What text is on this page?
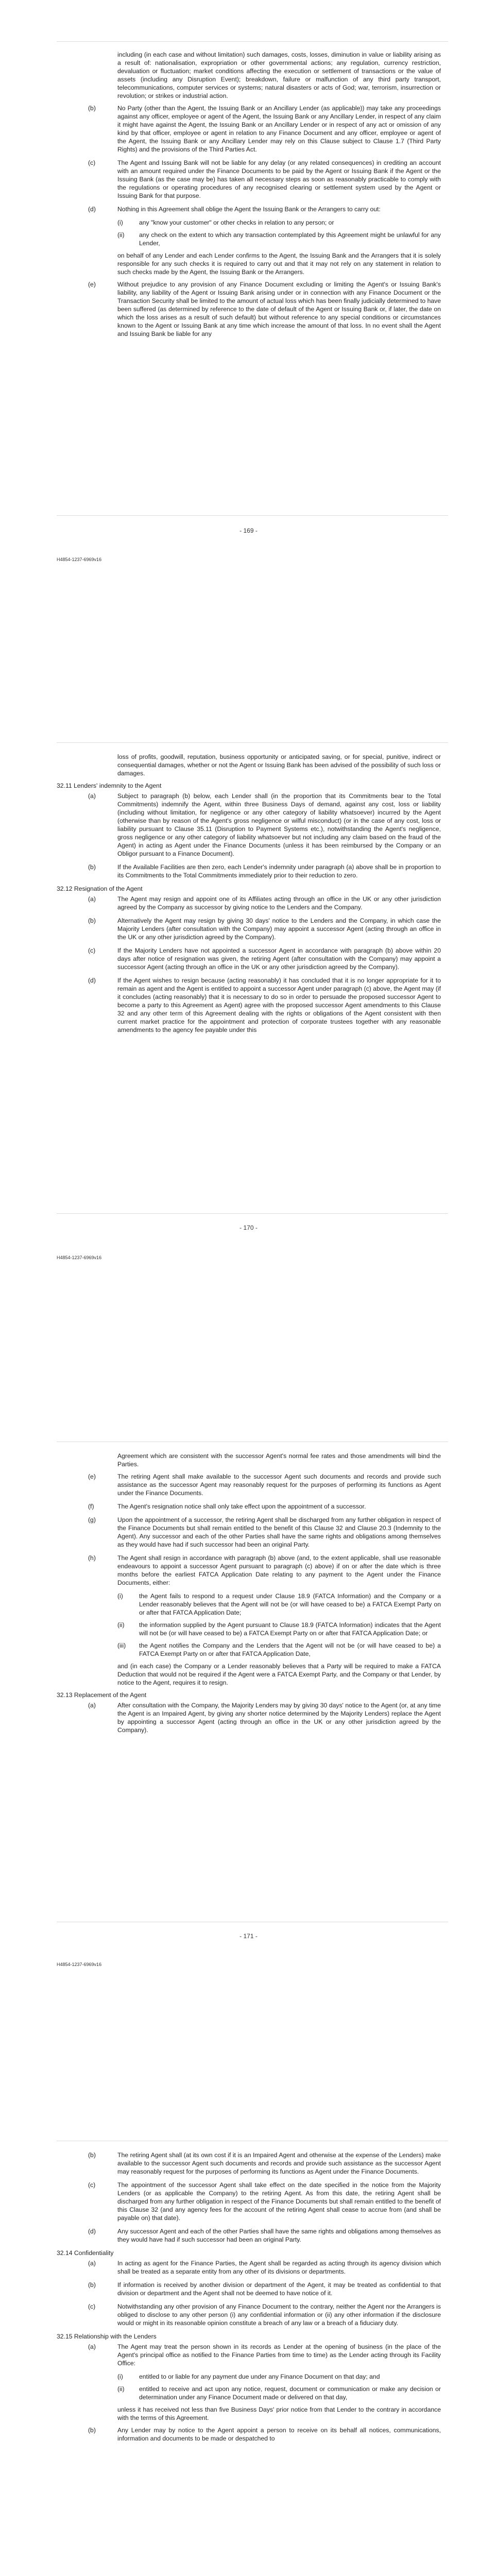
including (in each case and without limitation) such damages, costs, losses, diminution in value or liability arising as a result of: nationalisation, expropriation or other governmental actions; any regulation, currency restriction, devaluation or fluctuation; market conditions affecting the execution or settlement of transactions or the value of assets (including any Disruption Event); breakdown, failure or malfunction of any third party transport, telecommunications, computer services or systems; natural disasters or acts of God; war, terrorism, insurrection or revolution; or strikes or industrial action.

(b)	No Party (other than the Agent, the Issuing Bank or an Ancillary Lender (as applicable)) may take any proceedings against any officer, employee or agent of the Agent, the Issuing Bank or any Ancillary Lender, in respect of any claim it might have against the Agent, the Issuing Bank or an Ancillary Lender or in respect of any act or omission of any kind by that officer, employee or agent in relation to any Finance Document and any officer, employee or agent of the Agent, the Issuing Bank or any Ancillary Lender may rely on this Clause subject to Clause 1.7 (Third Party Rights) and the provisions of the Third Parties Act.
(c)	The Agent and Issuing Bank will not be liable for any delay (or any related consequences) in crediting an account with an amount required under the Finance Documents to be paid by the Agent or Issuing Bank if the Agent or the Issuing Bank (as the case may be) has taken all necessary steps as soon as reasonably practicable to comply with the regulations or operating procedures of any recognised clearing or settlement system used by the Agent or Issuing Bank for that purpose.
(d)	Nothing in this Agreement shall oblige the Agent the Issuing Bank or the Arrangers to carry out:
(i)	any "know your customer" or other checks in relation to any person; or
(ii) any check on the extent to which any transaction contemplated by this Agreement might be unlawful for any Lender,

on behalf of any Lender and each Lender confirms to the Agent, the Issuing Bank and the Arrangers that it is solely responsible for any such checks it is required to carry out and that it may not rely on any statement in relation to such checks made by the Agent, the Issuing Bank or the Arrangers.

(e)	Without prejudice to any provision of any Finance Document excluding or limiting the Agent's or Issuing Bank's liability, any liability of the Agent or Issuing Bank arising under or in connection with any Finance Document or the Transaction Security shall be limited to the amount of actual loss which has been finally judicially determined to have been suffered (as determined by reference to the date of default of the Agent or Issuing Bank or, if later, the date on which the loss arises as a result of such default) but without reference to any special conditions or circumstances known to the Agent or Issuing Bank at any time which increase the amount of that loss. In no event shall the Agent and Issuing Bank be liable for any
- 169 -
H4854-1237-6969v16

loss of profits, goodwill, reputation, business opportunity or anticipated saving, or for special, punitive, indirect or consequential damages, whether or not the Agent or Issuing Bank has been advised of the possibility of such loss or damages.

32.11 Lenders' indemnity to the Agent
(a)	Subject to paragraph (b) below, each Lender shall (in the proportion that its Commitments bear to the Total Commitments) indemnify the Agent, within three Business Days of demand, against any cost, loss or liability (including without limitation, for negligence or any other category of liability whatsoever) incurred by the Agent (otherwise than by reason of the Agent's gross negligence or wilful misconduct) (or in the case of any cost, loss or liability pursuant to Clause 35.11 (Disruption to Payment Systems etc.), notwithstanding the Agent's negligence, gross negligence or any other category of liability whatsoever but not including any claim based on the fraud of the Agent) in acting as Agent under the Finance Documents (unless it has been reimbursed by the Company or an Obligor pursuant to a Finance Document).
(b)	If the Available Facilities are then zero, each Lender's indemnity under paragraph (a) above shall be in proportion to its Commitments to the Total Commitments immediately prior to their reduction to zero.
32.12 Resignation of the Agent
(a)	The Agent may resign and appoint one of its Affiliates acting through an office in the UK or any other jurisdiction agreed by the Company as successor by giving notice to the Lenders and the Company.
(b)	Alternatively the Agent may resign by giving 30 days' notice to the Lenders and the Company, in which case the Majority Lenders (after consultation with the Company) may appoint a successor Agent (acting through an office in the UK or any other jurisdiction agreed by the Company).
(c)	If the Majority Lenders have not appointed a successor Agent in accordance with paragraph (b) above within 20 days after notice of resignation was given, the retiring Agent (after consultation with the Company) may appoint a successor Agent (acting through an office in the UK or any other jurisdiction agreed by the Company).
(d)	If the Agent wishes to resign because (acting reasonably) it has concluded that it is no longer appropriate for it to remain as agent and the Agent is entitled to appoint a successor Agent under paragraph (c) above, the Agent may (if it concludes (acting reasonably) that it is necessary to do so in order to persuade the proposed successor Agent to become a party to this Agreement as Agent) agree with the proposed successor Agent amendments to this Clause 32 and any other term of this Agreement dealing with the rights or obligations of the Agent consistent with then current market practice for the appointment and protection of corporate trustees together with any reasonable amendments to the agency fee payable under this
- 170 -
H4854-1237-6969v16

Agreement which are consistent with the successor Agent's normal fee rates and those amendments will bind the Parties.

(e)	The retiring Agent shall make available to the successor Agent such documents and records and provide such assistance as the successor Agent may reasonably request for the purposes of performing its functions as Agent under the Finance Documents.
(f)	The Agent's resignation notice shall only take effect upon the appointment of a successor.
(g)	Upon the appointment of a successor, the retiring Agent shall be discharged from any further obligation in respect of the Finance Documents but shall remain entitled to the benefit of this Clause 32 and Clause 20.3 (Indemnity to the Agent). Any successor and each of the other Parties shall have the same rights and obligations among themselves as they would have had if such successor had been an original Party.
(h)	The Agent shall resign in accordance with paragraph (b) above (and, to the extent applicable, shall use reasonable endeavours to appoint a successor Agent pursuant to paragraph (c) above) if on or after the date which is three months before the earliest FATCA Application Date relating to any payment to the Agent under the Finance Documents, either:
(i)	the Agent fails to respond to a request under Clause 18.9 (FATCA Information) and the Company or a Lender reasonably believes that the Agent will not be (or will have ceased to be) a FATCA Exempt Party on or after that FATCA Application Date;
(ii) the information supplied by the Agent pursuant to Clause 18.9 (FATCA Information) indicates that the Agent will not be (or will have ceased to be) a FATCA Exempt Party on or after that FATCA Application Date; or
(iii) the Agent notifies the Company and the Lenders that the Agent will not be (or will have ceased to be) a FATCA Exempt Party on or after that FATCA Application Date,

and (in each case) the Company or a Lender reasonably believes that a Party will be required to make a FATCA Deduction that would not be required if the Agent were a FATCA Exempt Party, and the Company or that Lender, by notice to the Agent, requires it to resign.

32.13 Replacement of the Agent
(a)	After consultation with the Company, the Majority Lenders may by giving 30 days' notice to the Agent (or, at any time the Agent is an Impaired Agent, by giving any shorter notice determined by the Majority Lenders) replace the Agent by appointing a successor Agent (acting through an office in the UK or any other jurisdiction agreed by the Company).
- 171 -
H4854-1237-6969v16
(b)	The retiring Agent shall (at its own cost if it is an Impaired Agent and otherwise at the expense of the Lenders) make available to the successor Agent such documents and records and provide such assistance as the successor Agent may reasonably request for the purposes of performing its functions as Agent under the Finance Documents.
(c)	The appointment of the successor Agent shall take effect on the date specified in the notice from the Majority Lenders (or as applicable the Company) to the retiring Agent. As from this date, the retiring Agent shall be discharged from any further obligation in respect of the Finance Documents but shall remain entitled to the benefit of this Clause 32 (and any agency fees for the account of the retiring Agent shall cease to accrue from (and shall be payable on) that date).
(d)	Any successor Agent and each of the other Parties shall have the same rights and obligations among themselves as they would have had if such successor had been an original Party.
32.14 Confidentiality
(a)	In acting as agent for the Finance Parties, the Agent shall be regarded as acting through its agency division which shall be treated as a separate entity from any other of its divisions or departments.
(b)	If information is received by another division or department of the Agent, it may be treated as confidential to that division or department and the Agent shall not be deemed to have notice of it.
(c)	Notwithstanding any other provision of any Finance Document to the contrary, neither the Agent nor the Arrangers is obliged to disclose to any other person (i) any confidential information or (ii) any other information if the disclosure would or might in its reasonable opinion constitute a breach of any law or a breach of a fiduciary duty.
32.15 Relationship with the Lenders
(a)	The Agent may treat the person shown in its records as Lender at the opening of business (in the place of the Agent's principal office as notified to the Finance Parties from time to time) as the Lender acting through its Facility Office:
(i)	entitled to or liable for any payment due under any Finance Document on that day; and
(ii) entitled to receive and act upon any notice, request, document or communication or make any decision or determination under any Finance Document made or delivered on that day,

unless it has received not less than five Business Days' prior notice from that Lender to the contrary in accordance with the terms of this Agreement.

(b)	Any Lender may by notice to the Agent appoint a person to receive on its behalf all notices, communications, information and documents to be made or despatched to
